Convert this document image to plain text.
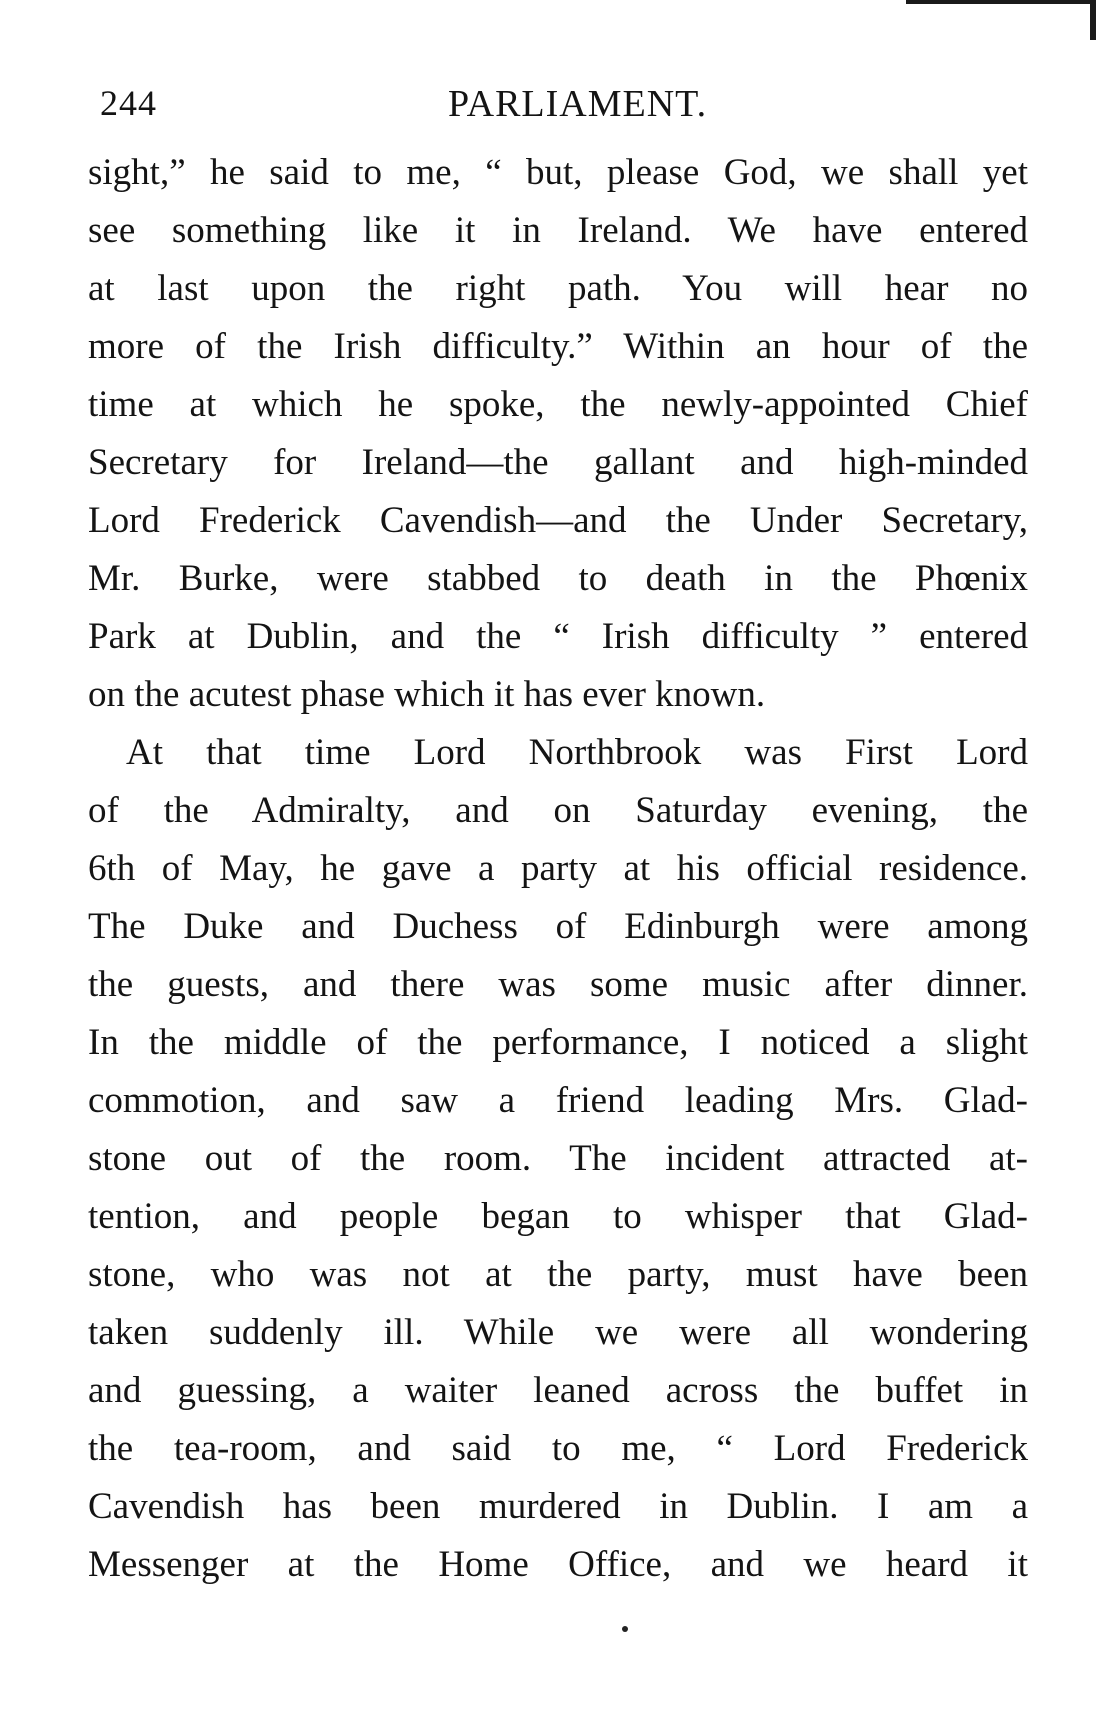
244	PARLIAMENT.
sight,” he said to me, “ but, please God, we shall yet
see something like it in Ireland. We have entered
at last upon the right path. You will hear no
more of the Irish difficulty.” Within an hour of the
time at which he spoke, the newly-appointed Chief
Secretary for Ireland—the gallant and high-minded
Lord Frederick Cavendish—and the Under Secretary,
Mr. Burke, were stabbed to death in the Phœnix
Park at Dublin, and the “ Irish difficulty ” entered
on the acutest phase which it has ever known.
At that time Lord Northbrook was First Lord
of the Admiralty, and on Saturday evening, the
6th of May, he gave a party at his official residence.
The Duke and Duchess of Edinburgh were among
the guests, and there was some music after dinner.
In the middle of the performance, I noticed a slight
commotion, and saw a friend leading Mrs. Glad-
stone out of the room. The incident attracted at-
tention, and people began to whisper that Glad-
stone, who was not at the party, must have been
taken suddenly ill. While we were all wondering
and guessing, a waiter leaned across the buffet in
the tea-room, and said to me, “ Lord Frederick
Cavendish has been murdered in Dublin. I am a
Messenger at the Home Office, and we heard it
